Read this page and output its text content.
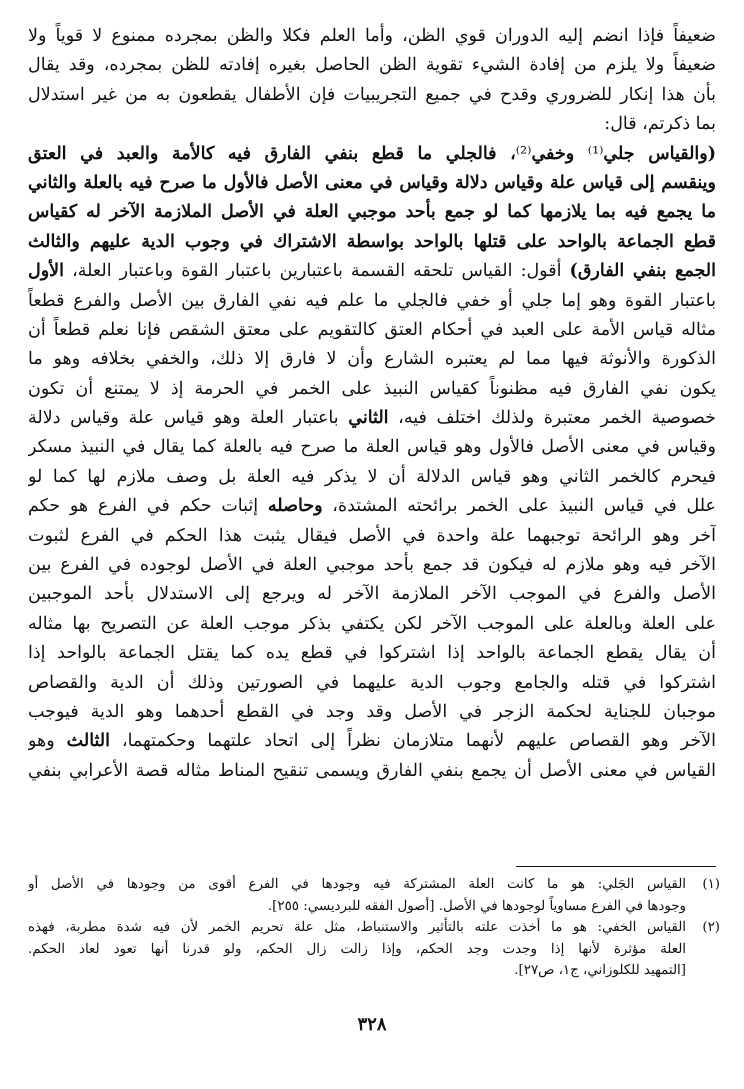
ضعيفاً فإذا انضم إليه الدوران قوي الظن، وأما العلم فكلا والظن بمجرده ممنوع لا قوياً ولا
ضعيفاً ولا يلزم من إفادة الشيء تقوية الظن الحاصل بغيره إفادته للظن بمجرده، وقد يقال
بأن هذا إنكار للضروري وقدح في جميع التجريبيات فإن الأطفال يقطعون به من غير استدلال
بما ذكرتم، قال:
(والقياس جلي⁽¹⁾ وخفي⁽²⁾، فالجلي ما قطع بنفي الفارق فيه كالأمة والعبد في العتق
وينقسم إلى قياس علة وقياس دلالة وقياس في معنى الأصل فالأول ما صرح فيه بالعلة والثاني
ما يجمع فيه بما يلازمها كما لو جمع بأحد موجبي العلة في الأصل الملازمة الآخر له كقياس
قطع الجماعة بالواحد على قتلها بالواحد بواسطة الاشتراك في وجوب الدية عليهم والثالث
الجمع بنفي الفارق) أقول: القياس تلحقه القسمة باعتبارين باعتبار القوة وباعتبار العلة، الأول
باعتبار القوة وهو إما جلي أو خفي فالجلي ما علم فيه نفي الفارق بين الأصل والفرع قطعاً
مثاله قياس الأمة على العبد في أحكام العتق كالتقويم على معتق الشقص فإنا نعلم قطعاً أن
الذكورة والأنوثة فيها مما لم يعتبره الشارع وأن لا فارق إلا ذلك، والخفي بخلافه وهو ما
يكون نفي الفارق فيه مظنوناً كقياس النبيذ على الخمر في الحرمة إذ لا يمتنع أن تكون
خصوصية الخمر معتبرة ولذلك اختلف فيه، الثاني باعتبار العلة وهو قياس علة وقياس دلالة
وقياس في معنى الأصل فالأول وهو قياس العلة ما صرح فيه بالعلة كما يقال في النبيذ مسكر
فيحرم كالخمر الثاني وهو قياس الدلالة أن لا يذكر فيه العلة بل وصف ملازم لها كما لو
علل في قياس النبيذ على الخمر برائحته المشتدة، وحاصله إثبات حكم في الفرع هو حكم
آخر وهو الرائحة توجبهما علة واحدة في الأصل فيقال يثبت هذا الحكم في الفرع لثبوت
الآخر فيه وهو ملازم له فيكون قد جمع بأحد موجبي العلة في الأصل لوجوده في الفرع بين
الأصل والفرع في الموجب الآخر الملازمة الآخر له ويرجع إلى الاستدلال بأحد الموجبين
على العلة وبالعلة على الموجب الآخر لكن يكتفي بذكر موجب العلة عن التصريح بها مثاله
أن يقال يقطع الجماعة بالواحد إذا اشتركوا في قطع يده كما يقتل الجماعة بالواحد إذا
اشتركوا في قتله والجامع وجوب الدية عليهما في الصورتين وذلك أن الدية والقصاص
موجبان للجناية لحكمة الزجر في الأصل وقد وجد في القطع أحدهما وهو الدية فيوجب
الآخر وهو القصاص عليهم لأنهما متلازمان نظراً إلى اتحاد علتهما وحكمتهما، الثالث وهو
القياس في معنى الأصل أن يجمع بنفي الفارق ويسمى تنقيح المناط مثاله قصة الأعرابي بنفي
(١)القياس الجَلي: هو ما كانت العلة المشتركة فيه وجودها في الفرع أقوى من وجودها في الأصل أو
وجودها في الفرع مساوياً لوجودها في الأصل. [أصول الفقه للبرديسي: ٢٥٥].
(٢)القياس الخفي: هو ما أخذت علته بالتأثير والاستنباط، مثل علة تحريم الخمر لأن فيه شدة مطربة، فهذه
العلة مؤثرة لأنها إذا وجدت وجد الحكم، وإذا زالت زال الحكم، ولو قدرنا أنها تعود لعاد الحكم.
[التمهيد للكلوزاني، ج١، ص٢٧].
٣٢٨
